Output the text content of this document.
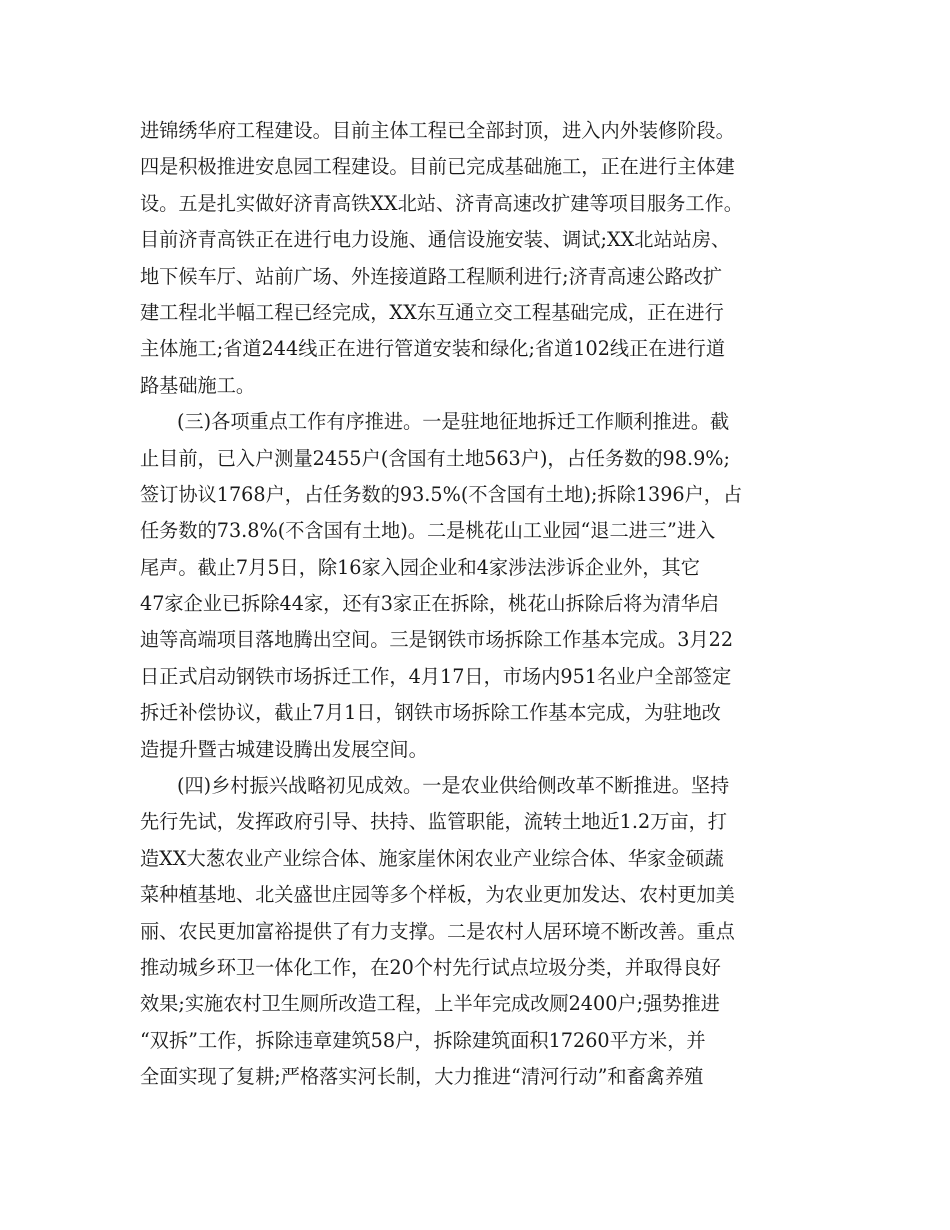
进锦绣华府工程建设。目前主体工程已全部封顶，进入内外装修阶段。
四是积极推进安息园工程建设。目前已完成基础施工，正在进行主体建
设。五是扎实做好济青高铁XX北站、济青高速改扩建等项目服务工作。
目前济青高铁正在进行电力设施、通信设施安装、调试;XX北站站房、
地下候车厅、站前广场、外连接道路工程顺利进行;济青高速公路改扩
建工程北半幅工程已经完成，XX东互通立交工程基础完成，正在进行
主体施工;省道244线正在进行管道安装和绿化;省道102线正在进行道
路基础施工。
(三)各项重点工作有序推进。一是驻地征地拆迁工作顺利推进。截
止目前，已入户测量2455户(含国有土地563户)，占任务数的98.9%;
签订协议1768户，占任务数的93.5%(不含国有土地);拆除1396户，占
任务数的73.8%(不含国有土地)。二是桃花山工业园“退二进三”进入
尾声。截止7月5日，除16家入园企业和4家涉法涉诉企业外，其它
47家企业已拆除44家，还有3家正在拆除，桃花山拆除后将为清华启
迪等高端项目落地腾出空间。三是钢铁市场拆除工作基本完成。3月22
日正式启动钢铁市场拆迁工作，4月17日，市场内951名业户全部签定
拆迁补偿协议，截止7月1日，钢铁市场拆除工作基本完成，为驻地改
造提升暨古城建设腾出发展空间。
(四)乡村振兴战略初见成效。一是农业供给侧改革不断推进。坚持
先行先试，发挥政府引导、扶持、监管职能，流转土地近1.2万亩，打
造XX大葱农业产业综合体、施家崖休闲农业产业综合体、华家金硕蔬
菜种植基地、北关盛世庄园等多个样板，为农业更加发达、农村更加美
丽、农民更加富裕提供了有力支撑。二是农村人居环境不断改善。重点
推动城乡环卫一体化工作，在20个村先行试点垃圾分类，并取得良好
效果;实施农村卫生厕所改造工程，上半年完成改厕2400户;强势推进
“双拆”工作，拆除违章建筑58户，拆除建筑面积17260平方米，并
全面实现了复耕;严格落实河长制，大力推进“清河行动”和畜禽养殖
